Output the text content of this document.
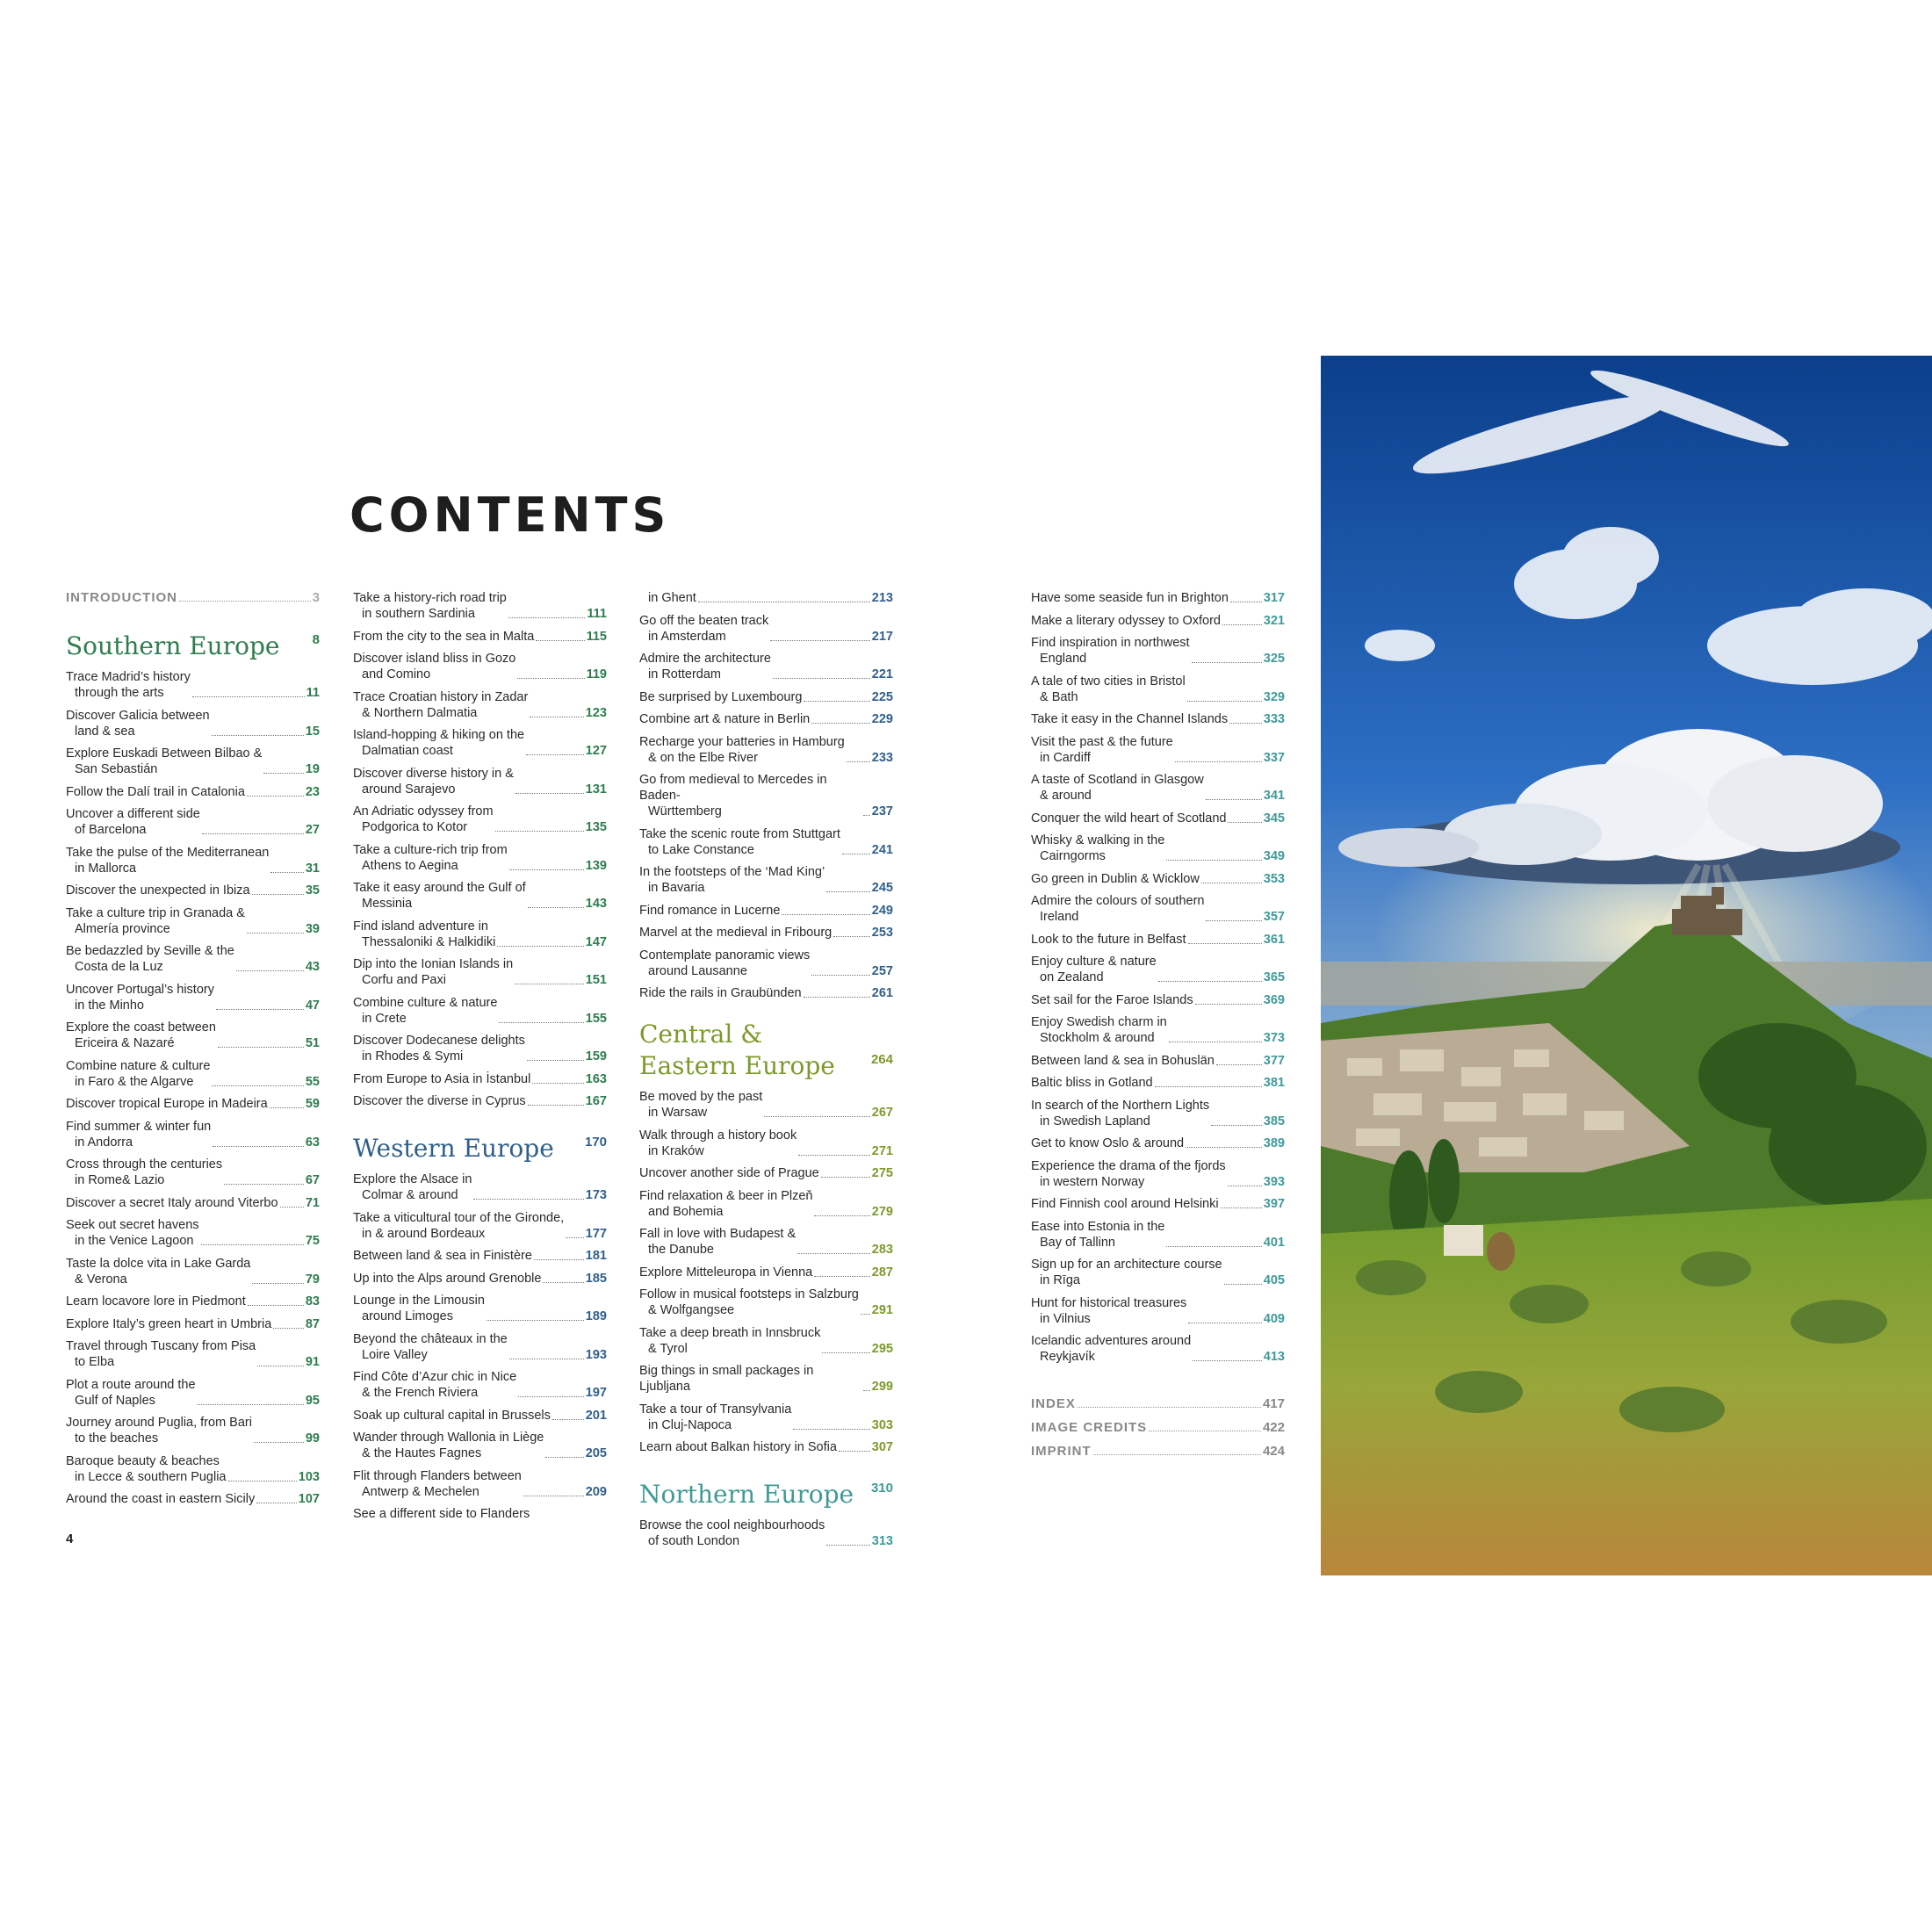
CONTENTS
INTRODUCTION	3
Southern Europe 8
Trace Madrid’s history
through the arts	11
Discover Galicia between
land & sea	15
Explore Euskadi Between Bilbao &
San Sebastián	19
Follow the Dalí trail in Catalonia	23
Uncover a different side
of Barcelona	27
Take the pulse of the Mediterranean
in Mallorca	31
Discover the unexpected in Ibiza	35
Take a culture trip in Granada &
Almería province	39
Be bedazzled by Seville & the
Costa de la Luz	43
Uncover Portugal’s history
in the Minho	47
Explore the coast between
Ericeira & Nazaré	51
Combine nature & culture
in Faro & the Algarve	55
Discover tropical Europe in Madeira	59
Find summer & winter fun
in Andorra	63
Cross through the centuries
in Rome& Lazio	67
Discover a secret Italy around Viterbo 71
Seek out secret havens
in the Venice Lagoon	75
Taste la dolce vita in Lake Garda
& Verona	79
Learn locavore lore in Piedmont	83
Explore Italy’s green heart in Umbria	87
Travel through Tuscany from Pisa
to Elba	91
Plot a route around the
Gulf of Naples	95
Journey around Puglia, from Bari
to the beaches	99
Baroque beauty & beaches
in Lecce & southern Puglia	103
Around the coast in eastern Sicily	107
Take a history-rich road trip
in southern Sardinia	111
From the city to the sea in Malta	115
Discover island bliss in Gozo
and Comino	119
Trace Croatian history in Zadar
& Northern Dalmatia	123
Island-hopping & hiking on the
Dalmatian coast	127
Discover diverse history in &
around Sarajevo	131
An Adriatic odyssey from
Podgorica to Kotor	135
Take a culture-rich trip from
Athens to Aegina	139
Take it easy around the Gulf of
Messinia	143
Find island adventure in
Thessaloniki & Halkidiki	147
Dip into the Ionian Islands in
Corfu and Paxi	151
Combine culture & nature
in Crete	155
Discover Dodecanese delights
in Rhodes & Symi	159
From Europe to Asia in İstanbul	163
Discover the diverse in Cyprus	167
Western Europe 170
Explore the Alsace in
Colmar & around	173
Take a viticultural tour of the Gironde,
in & around Bordeaux	177
Between land & sea in Finistère	181
Up into the Alps around Grenoble	185
Lounge in the Limousin
around Limoges	189
Beyond the châteaux in the
Loire Valley	193
Find Côte d’Azur chic in Nice
& the French Riviera	197
Soak up cultural capital in Brussels	201
Wander through Wallonia in Liège
& the Hautes Fagnes	205
Flit through Flanders between
Antwerp & Mechelen	209
See a different side to Flanders
in Ghent	213
Go off the beaten track
in Amsterdam	217
Admire the architecture
in Rotterdam	221
Be surprised by Luxembourg	225
Combine art & nature in Berlin	229
Recharge your batteries in Hamburg
& on the Elbe River	233
Go from medieval to Mercedes in Baden-
Württemberg	237
Take the scenic route from Stuttgart
to Lake Constance	241
In the footsteps of the ‘Mad King’
in Bavaria	245
Find romance in Lucerne	249
Marvel at the medieval in Fribourg	253
Contemplate panoramic views
around Lausanne	257
Ride the rails in Graubünden	261
Central &
Eastern Europe	264
Be moved by the past
in Warsaw	267
Walk through a history book
in Kraków	271
Uncover another side of Prague	275
Find relaxation & beer in Plzeň
and Bohemia	279
Fall in love with Budapest &
the Danube	283
Explore Mitteleuropa in Vienna	287
Follow in musical footsteps in Salzburg
& Wolfgangsee	291
Take a deep breath in Innsbruck
& Tyrol	295
Big things in small packages in Ljubljana	299
Take a tour of Transylvania
in Cluj-Napoca	303
Learn about Balkan history in Sofia	307
Northern Europe 310
Browse the cool neighbourhoods
of south London	313
Have some seaside fun in Brighton	317
Make a literary odyssey to Oxford	321
Find inspiration in northwest
England	325
A tale of two cities in Bristol
& Bath	329
Take it easy in the Channel Islands	333
Visit the past & the future
in Cardiff	337
A taste of Scotland in Glasgow
& around	341
Conquer the wild heart of Scotland	345
Whisky & walking in the
Cairngorms	349
Go green in Dublin & Wicklow	353
Admire the colours of southern
Ireland	357
Look to the future in Belfast	361
Enjoy culture & nature
on Zealand	365
Set sail for the Faroe Islands	369
Enjoy Swedish charm in
Stockholm & around	373
Between land & sea in Bohuslän	377
Baltic bliss in Gotland	381
In search of the Northern Lights
in Swedish Lapland	385
Get to know Oslo & around	389
Experience the drama of the fjords
in western Norway	393
Find Finnish cool around Helsinki	397
Ease into Estonia in the
Bay of Tallinn	401
Sign up for an architecture course
in Rīga	405
Hunt for historical treasures
in Vilnius	409
Icelandic adventures around
Reykjavík	413
INDEX	417
IMAGE CREDITS	422
IMPRINT	424
4
